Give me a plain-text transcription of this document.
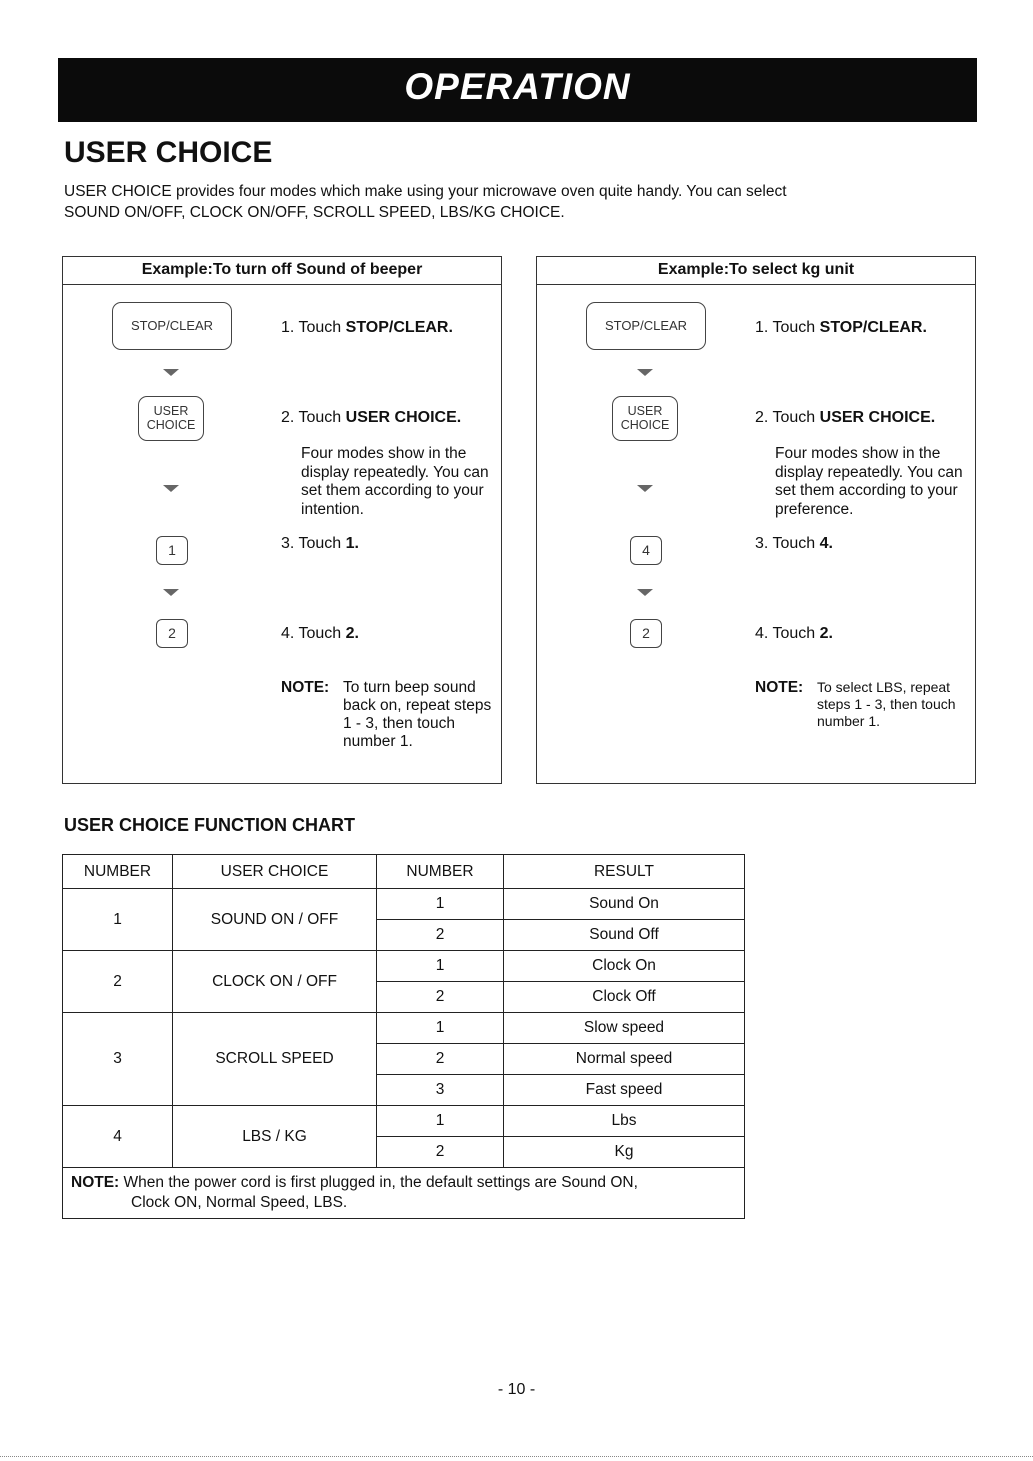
OPERATION
USER CHOICE
USER CHOICE provides four modes which make using your microwave oven quite handy. You can select
SOUND ON/OFF, CLOCK ON/OFF, SCROLL SPEED, LBS/KG CHOICE.
Example:To turn off Sound of beeper
STOP/CLEAR
USER
CHOICE
1
2
1. Touch STOP/CLEAR.
2. Touch USER CHOICE.
Four modes show in the display repeatedly. You can set them according to your intention.
3. Touch 1.
4. Touch 2.
NOTE: To turn beep sound back on, repeat steps 1 - 3, then touch number 1.
Example:To select kg unit
STOP/CLEAR
USER
CHOICE
4
2
1. Touch STOP/CLEAR.
2. Touch USER CHOICE.
Four modes show in the display repeatedly. You can set them according to your preference.
3. Touch 4.
4. Touch 2.
NOTE: To select LBS, repeat steps 1 - 3, then touch number 1.
USER CHOICE FUNCTION CHART
NUMBER	USER CHOICE	NUMBER	RESULT
1	SOUND ON / OFF	1	Sound On
		2	Sound Off
2	CLOCK ON / OFF	1	Clock On
		2	Clock Off
3	SCROLL SPEED	1	Slow speed
		2	Normal speed
		3	Fast speed
4	LBS / KG	1	Lbs
		2	Kg
NOTE: When the power cord is first plugged in, the default settings are Sound ON,
Clock ON, Normal Speed, LBS.			
- 10 -
